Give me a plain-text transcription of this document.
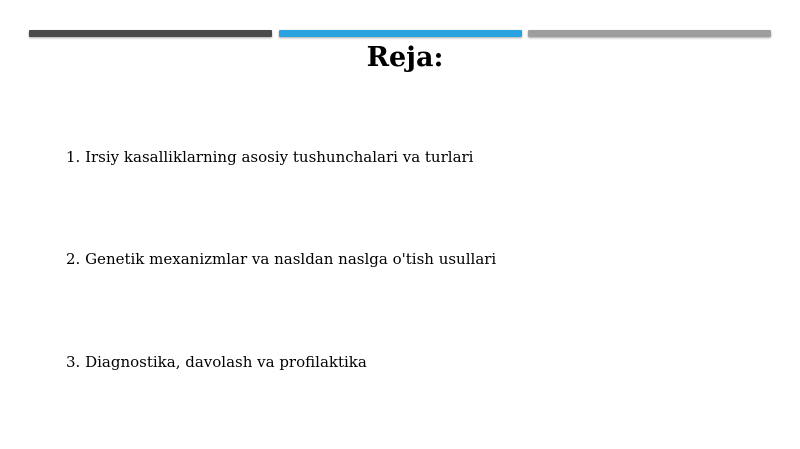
Reja:
1. Irsiy kasalliklarning asosiy tushunchalari va turlari
2. Genetik mexanizmlar va nasldan naslga o'tish usullari
3. Diagnostika, davolash va profilaktika
